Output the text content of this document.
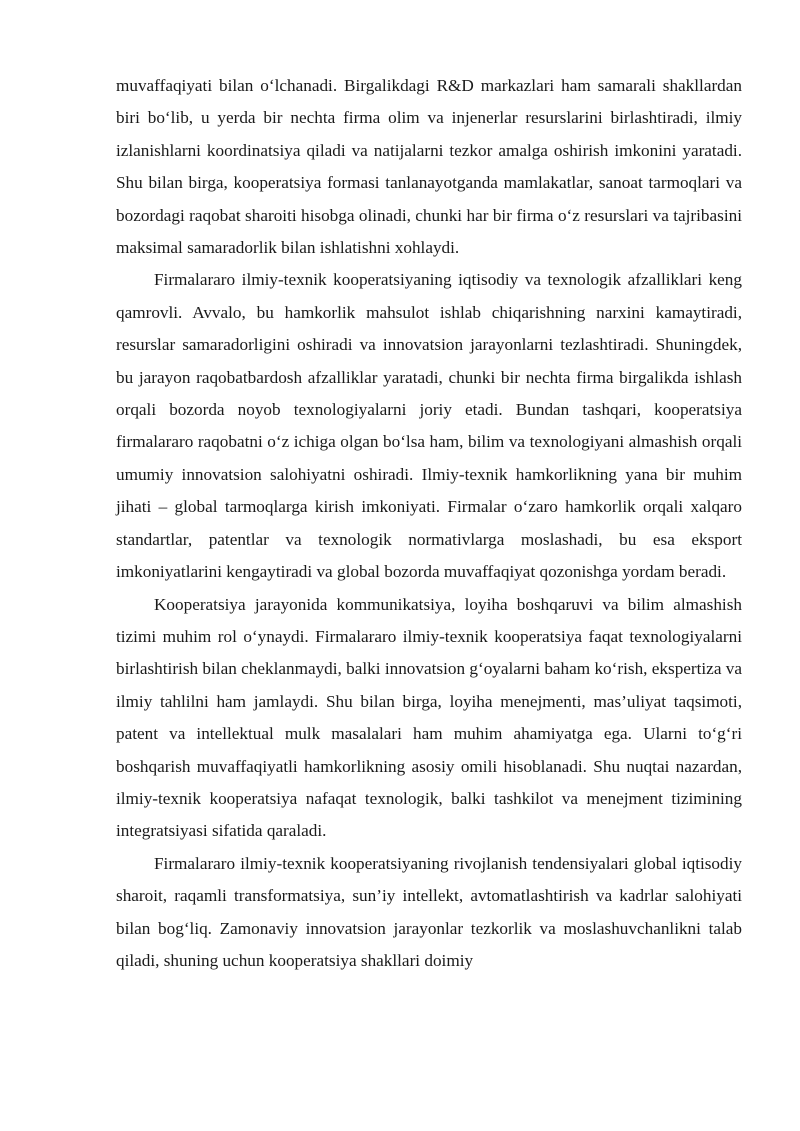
muvaffaqiyati bilan o‘lchanadi. Birgalikdagi R&D markazlari ham samarali shakllardan biri bo‘lib, u yerda bir nechta firma olim va injenerlar resurslarini birlashtiradi, ilmiy izlanishlarni koordinatsiya qiladi va natijalarni tezkor amalga oshirish imkonini yaratadi. Shu bilan birga, kooperatsiya formasi tanlanayotganda mamlakatlar, sanoat tarmoqlari va bozordagi raqobat sharoiti hisobga olinadi, chunki har bir firma o‘z resurslari va tajribasini maksimal samaradorlik bilan ishlatishni xohlaydi.

Firmalararo ilmiy-texnik kooperatsiyaning iqtisodiy va texnologik afzalliklari keng qamrovli. Avvalo, bu hamkorlik mahsulot ishlab chiqarishning narxini kamaytiradi, resurslar samaradorligini oshiradi va innovatsion jarayonlarni tezlashtiradi. Shuningdek, bu jarayon raqobatbardosh afzalliklar yaratadi, chunki bir nechta firma birgalikda ishlash orqali bozorda noyob texnologiyalarni joriy etadi. Bundan tashqari, kooperatsiya firmalararo raqobatni o‘z ichiga olgan bo‘lsa ham, bilim va texnologiyani almashish orqali umumiy innovatsion salohiyatni oshiradi. Ilmiy-texnik hamkorlikning yana bir muhim jihati – global tarmoqlarga kirish imkoniyati. Firmalar o‘zaro hamkorlik orqali xalqaro standartlar, patentlar va texnologik normativlarga moslashadi, bu esa eksport imkoniyatlarini kengaytiradi va global bozorda muvaffaqiyat qozonishga yordam beradi.

Kooperatsiya jarayonida kommunikatsiya, loyiha boshqaruvi va bilim almashish tizimi muhim rol o‘ynaydi. Firmalararo ilmiy-texnik kooperatsiya faqat texnologiyalarni birlashtirish bilan cheklanmaydi, balki innovatsion g‘oyalarni baham ko‘rish, ekspertiza va ilmiy tahlilni ham jamlaydi. Shu bilan birga, loyiha menejmenti, mas’uliyat taqsimoti, patent va intellektual mulk masalalari ham muhim ahamiyatga ega. Ularni to‘g‘ri boshqarish muvaffaqiyatli hamkorlikning asosiy omili hisoblanadi. Shu nuqtai nazardan, ilmiy-texnik kooperatsiya nafaqat texnologik, balki tashkilot va menejment tizimining integratsiyasi sifatida qaraladi.

Firmalararo ilmiy-texnik kooperatsiyaning rivojlanish tendensiyalari global iqtisodiy sharoit, raqamli transformatsiya, sun’iy intellekt, avtomatlashtirish va kadrlar salohiyati bilan bog‘liq. Zamonaviy innovatsion jarayonlar tezkorlik va moslashuvchanlikni talab qiladi, shuning uchun kooperatsiya shakllari doimiy
